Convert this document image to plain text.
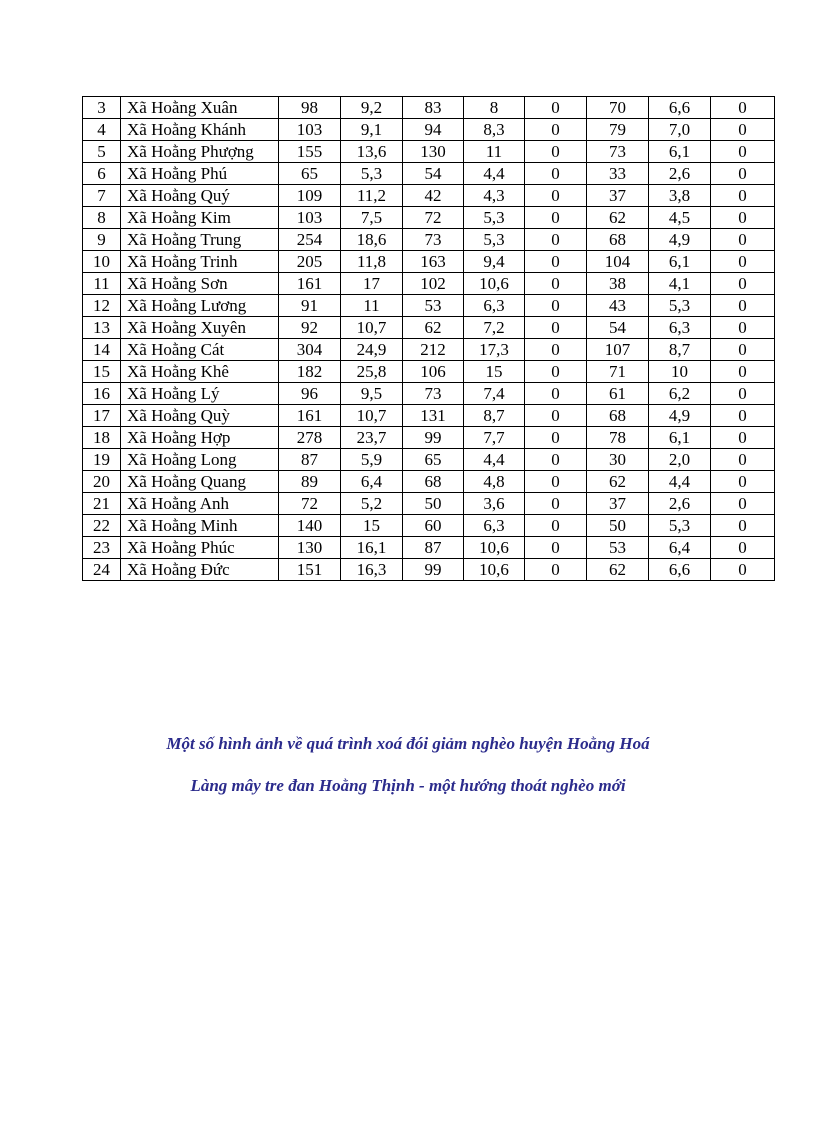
3	Xã Hoằng Xuân	98	9,2	83	8	0	70	6,6	0
4	Xã Hoằng Khánh	103	9,1	94	8,3	0	79	7,0	0
5	Xã Hoằng Phượng	155	13,6	130	11	0	73	6,1	0
6	Xã Hoằng Phú	65	5,3	54	4,4	0	33	2,6	0
7	Xã Hoằng Quý	109	11,2	42	4,3	0	37	3,8	0
8	Xã Hoằng Kim	103	7,5	72	5,3	0	62	4,5	0
9	Xã Hoằng Trung	254	18,6	73	5,3	0	68	4,9	0
10	Xã Hoằng Trinh	205	11,8	163	9,4	0	104	6,1	0
11	Xã Hoằng Sơn	161	17	102	10,6	0	38	4,1	0
12	Xã Hoằng Lương	91	11	53	6,3	0	43	5,3	0
13	Xã Hoằng Xuyên	92	10,7	62	7,2	0	54	6,3	0
14	Xã Hoằng Cát	304	24,9	212	17,3	0	107	8,7	0
15	Xã Hoằng Khê	182	25,8	106	15	0	71	10	0
16	Xã Hoằng Lý	96	9,5	73	7,4	0	61	6,2	0
17	Xã Hoằng Quỳ	161	10,7	131	8,7	0	68	4,9	0
18	Xã Hoằng Hợp	278	23,7	99	7,7	0	78	6,1	0
19	Xã Hoằng Long	87	5,9	65	4,4	0	30	2,0	0
20	Xã Hoằng Quang	89	6,4	68	4,8	0	62	4,4	0
21	Xã Hoằng Anh	72	5,2	50	3,6	0	37	2,6	0
22	Xã Hoằng Minh	140	15	60	6,3	0	50	5,3	0
23	Xã Hoằng Phúc	130	16,1	87	10,6	0	53	6,4	0
24	Xã Hoằng Đức	151	16,3	99	10,6	0	62	6,6	0

Một số hình ảnh về quá trình xoá đói giảm nghèo huyện Hoằng Hoá

Làng mây tre đan Hoằng Thịnh - một hướng thoát nghèo mới
